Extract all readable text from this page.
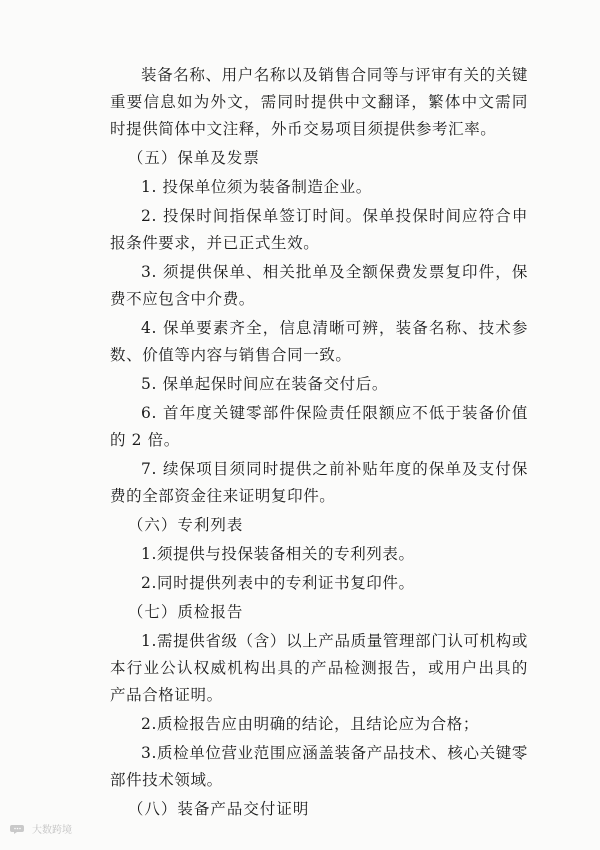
装备名称、用户名称以及销售合同等与评审有关的关键重要信息如为外文，需同时提供中文翻译，繁体中文需同时提供简体中文注释，外币交易项目须提供参考汇率。

（五）保单及发票

1. 投保单位须为装备制造企业。

2. 投保时间指保单签订时间。保单投保时间应符合申报条件要求，并已正式生效。

3. 须提供保单、相关批单及全额保费发票复印件，保费不应包含中介费。

4. 保单要素齐全，信息清晰可辨，装备名称、技术参数、价值等内容与销售合同一致。

5. 保单起保时间应在装备交付后。

6. 首年度关键零部件保险责任限额应不低于装备价值的 2 倍。

7. 续保项目须同时提供之前补贴年度的保单及支付保费的全部资金往来证明复印件。

（六）专利列表

1.须提供与投保装备相关的专利列表。

2.同时提供列表中的专利证书复印件。

（七）质检报告

1.需提供省级（含）以上产品质量管理部门认可机构或本行业公认权威机构出具的产品检测报告，或用户出具的产品合格证明。

2.质检报告应由明确的结论，且结论应为合格；

3.质检单位营业范围应涵盖装备产品技术、核心关键零部件技术领域。

（八）装备产品交付证明

大数跨境
